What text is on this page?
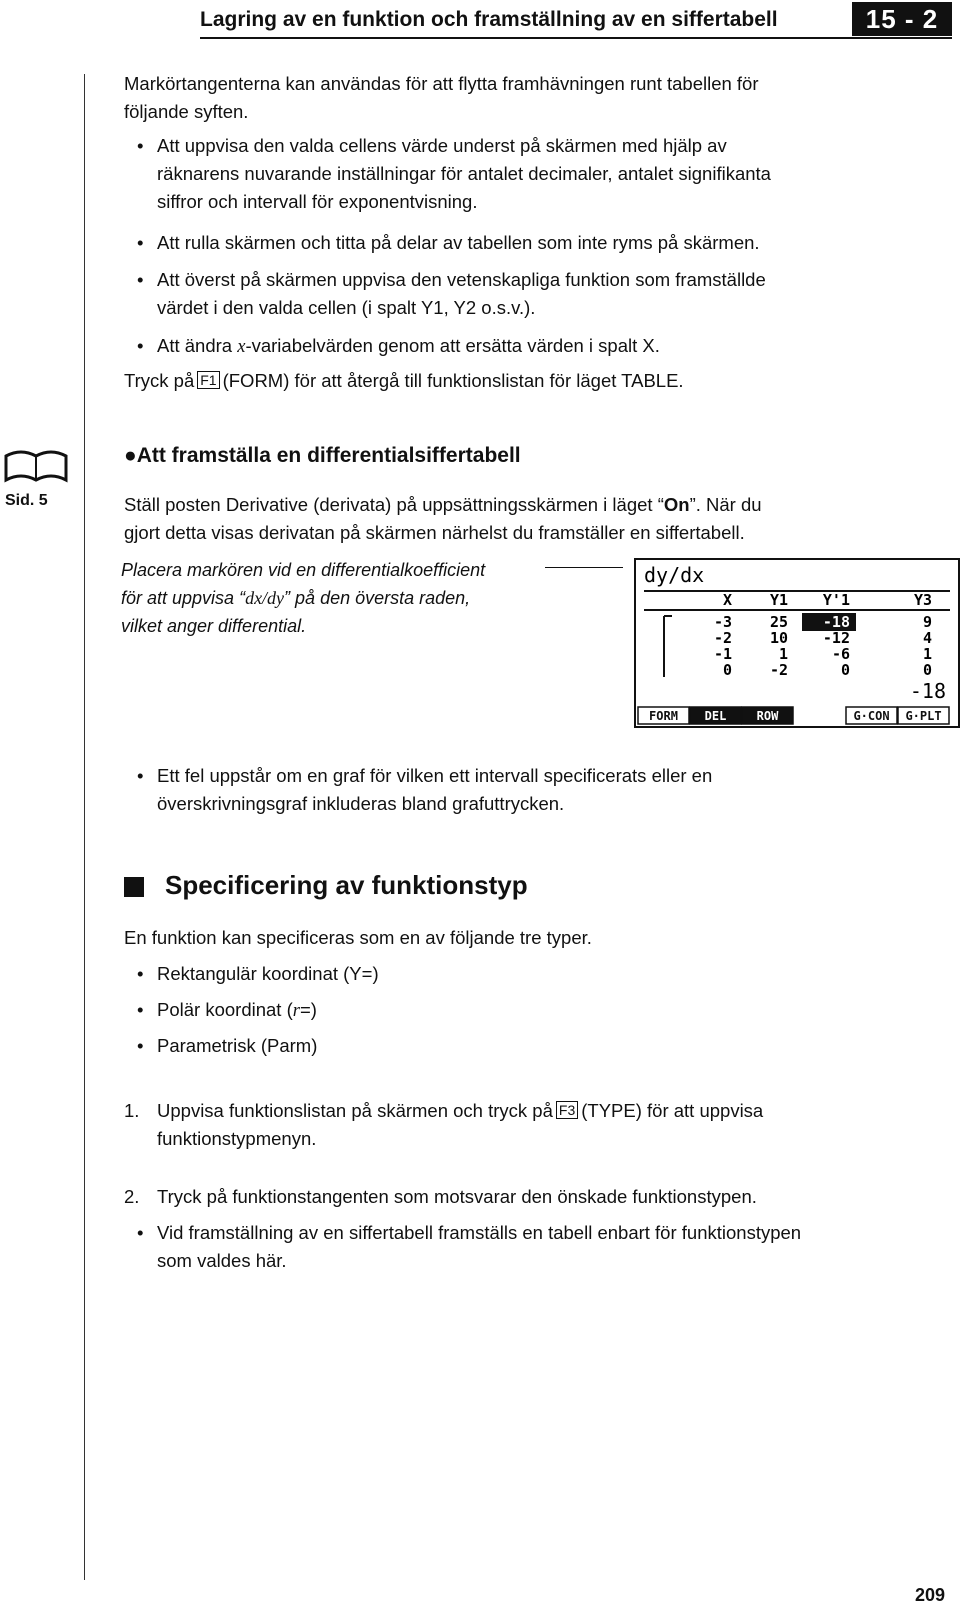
Lagring av en funktion och framställning av en siffertabell	15 - 2
Markörtangenterna kan användas för att flytta framhävningen runt tabellen för
följande syften.
• Att uppvisa den valda cellens värde underst på skärmen med hjälp av
räknarens nuvarande inställningar för antalet decimaler, antalet signifikanta
siffror och intervall för exponentvisning.
• Att rulla skärmen och titta på delar av tabellen som inte ryms på skärmen.
• Att överst på skärmen uppvisa den vetenskapliga funktion som framställde
värdet i den valda cellen (i spalt Y1, Y2 o.s.v.).
• Att ändra x-variabelvärden genom att ersätta värden i spalt X.
Tryck på F1 (FORM) för att återgå till funktionslistan för läget TABLE.
Sid. 5
●Att framställa en differentialsiffertabell
Ställ posten Derivative (derivata) på uppsättningsskärmen i läget “On”. När du
gjort detta visas derivatan på skärmen närhelst du framställer en siffertabell.
Placera markören vid en differentialkoefficient
för att uppvisa “dx/dy” på den översta raden,
vilket anger differential.
dy/dx
X	Y1 Y'1	Y3
-3	25 -18	9
-2	10 -12	4
-1	1	-6	1
0	-2	0	0
-18
FORM DEL	ROW	G·CON G·PLT
• Ett fel uppstår om en graf för vilken ett intervall specificerats eller en
överskrivningsgraf inkluderas bland grafuttrycken.
Specificering av funktionstyp
En funktion kan specificeras som en av följande tre typer.
• Rektangulär koordinat (Y=)
• Polär koordinat (r=)
• Parametrisk (Parm)
1. Uppvisa funktionslistan på skärmen och tryck på F3 (TYPE) för att uppvisa
funktionstypmenyn.
2. Tryck på funktionstangenten som motsvarar den önskade funktionstypen.
• Vid framställning av en siffertabell framställs en tabell enbart för funktionstypen
som valdes här.
209
